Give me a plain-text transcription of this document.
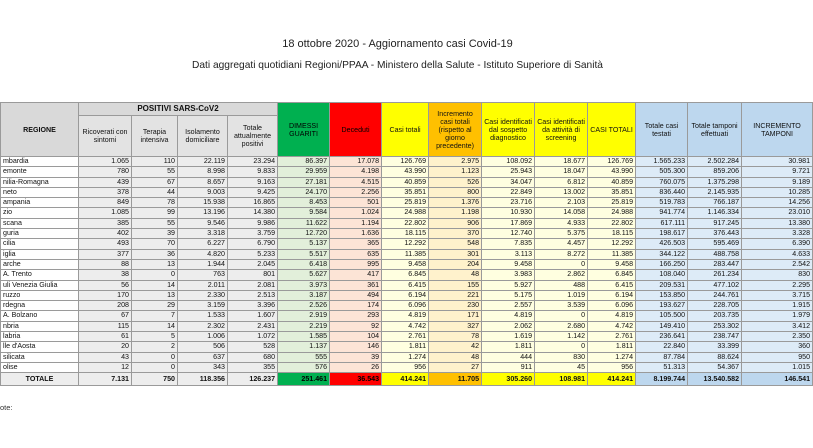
18 ottobre 2020 - Aggiornamento casi Covid-19
Dati aggregati quotidiani Regioni/PPAA - Ministero della Salute - Istituto Superiore di Sanità
REGIONE	POSITIVI SARS-CoV2				DIMESSI GUARITI	Deceduti	Casi totali	Incremento casi totali (rispetto al giorno precedente)	Casi identificati dal sospetto diagnostico	Casi identificati da attività di screening	CASI TOTALI	Totale casi testati	Totale tamponi effettuati	INCREMENTO TAMPONI
	Ricoverati con sintomi	Terapia intensiva	Isolamento domiciliare	Totale attualmente positivi										
mbardia	1.065	110	22.119	23.294	86.397	17.078	126.769	2.975	108.092	18.677	126.769	1.565.233	2.502.284	30.981
emonte	780	55	8.998	9.833	29.959	4.198	43.990	1.123	25.943	18.047	43.990	505.300	859.206	9.721
nilia-Romagna	439	67	8.657	9.163	27.181	4.515	40.859	526	34.047	6.812	40.859	760.075	1.375.298	9.189
neto	378	44	9.003	9.425	24.170	2.256	35.851	800	22.849	13.002	35.851	836.440	2.145.935	10.285
ampania	849	78	15.938	16.865	8.453	501	25.819	1.376	23.716	2.103	25.819	519.783	766.187	14.256
zio	1.085	99	13.196	14.380	9.584	1.024	24.988	1.198	10.930	14.058	24.988	941.774	1.146.334	23.010
scana	385	55	9.546	9.986	11.622	1.194	22.802	906	17.869	4.933	22.802	617.111	917.245	13.380
guria	402	39	3.318	3.759	12.720	1.636	18.115	370	12.740	5.375	18.115	198.617	376.443	3.328
cilia	493	70	6.227	6.790	5.137	365	12.292	548	7.835	4.457	12.292	426.503	595.469	6.390
iglia	377	36	4.820	5.233	5.517	635	11.385	301	3.113	8.272	11.385	344.122	488.758	4.633
arche	88	13	1.944	2.045	6.418	995	9.458	204	9.458	0	9.458	166.250	283.447	2.542
A. Trento	38	0	763	801	5.627	417	6.845	48	3.983	2.862	6.845	108.040	261.234	830
uli Venezia Giulia	56	14	2.011	2.081	3.973	361	6.415	155	5.927	488	6.415	209.531	477.102	2.295
ruzzo	170	13	2.330	2.513	3.187	494	6.194	221	5.175	1.019	6.194	153.850	244.761	3.715
rdegna	208	29	3.159	3.396	2.526	174	6.096	230	2.557	3.539	6.096	193.627	228.705	1.915
A. Bolzano	67	7	1.533	1.607	2.919	293	4.819	171	4.819	0	4.819	105.500	203.735	1.979
nbria	115	14	2.302	2.431	2.219	92	4.742	327	2.062	2.680	4.742	149.410	253.302	3.412
labria	61	5	1.006	1.072	1.585	104	2.761	78	1.619	1.142	2.761	236.641	238.747	2.350
lle d'Aosta	20	2	506	528	1.137	146	1.811	42	1.811	0	1.811	22.840	33.399	360
silicata	43	0	637	680	555	39	1.274	48	444	830	1.274	87.784	88.624	950
olise	12	0	343	355	576	26	956	27	911	45	956	51.313	54.367	1.015
TOTALE	7.131	750	118.356	126.237	251.461	36.543	414.241	11.705	305.260	108.981	414.241	8.199.744	13.540.582	146.541
ote:
